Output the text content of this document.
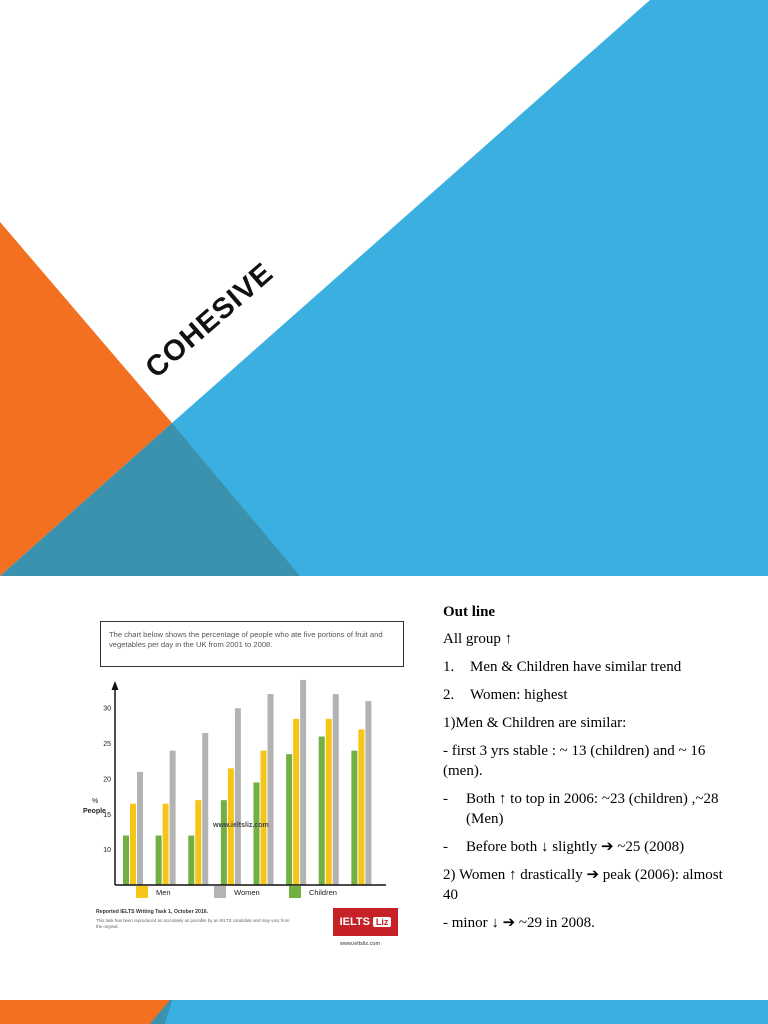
COHESIVE
The chart below shows the percentage of people who ate five portions of fruit and vegetables per day in the UK from 2001 to 2008.
%
People
10
15
20
25
30
www.ieltsliz.com
Men	Women	Children
Reported IELTS Writing Task 1, October 2016.
This task has been reproduced as accurately as possible by an IELTS candidate and may vary from the original.	IELTS Liz
www.ieltsliz.com

Out line

All group ↑

1.	Men & Children have similar trend
2.	Women: highest

1)Men & Children are similar:

- first 3 yrs stable : ~ 13 (children) and ~ 16 (men).

-	Both ↑ to top in 2006: ~23 (children) ,~28 (Men)
-	Before both ↓ slightly ➔ ~25 (2008)

2) Women ↑ drastically ➔ peak (2006): almost 40

- minor ↓ ➔ ~29 in 2008.
